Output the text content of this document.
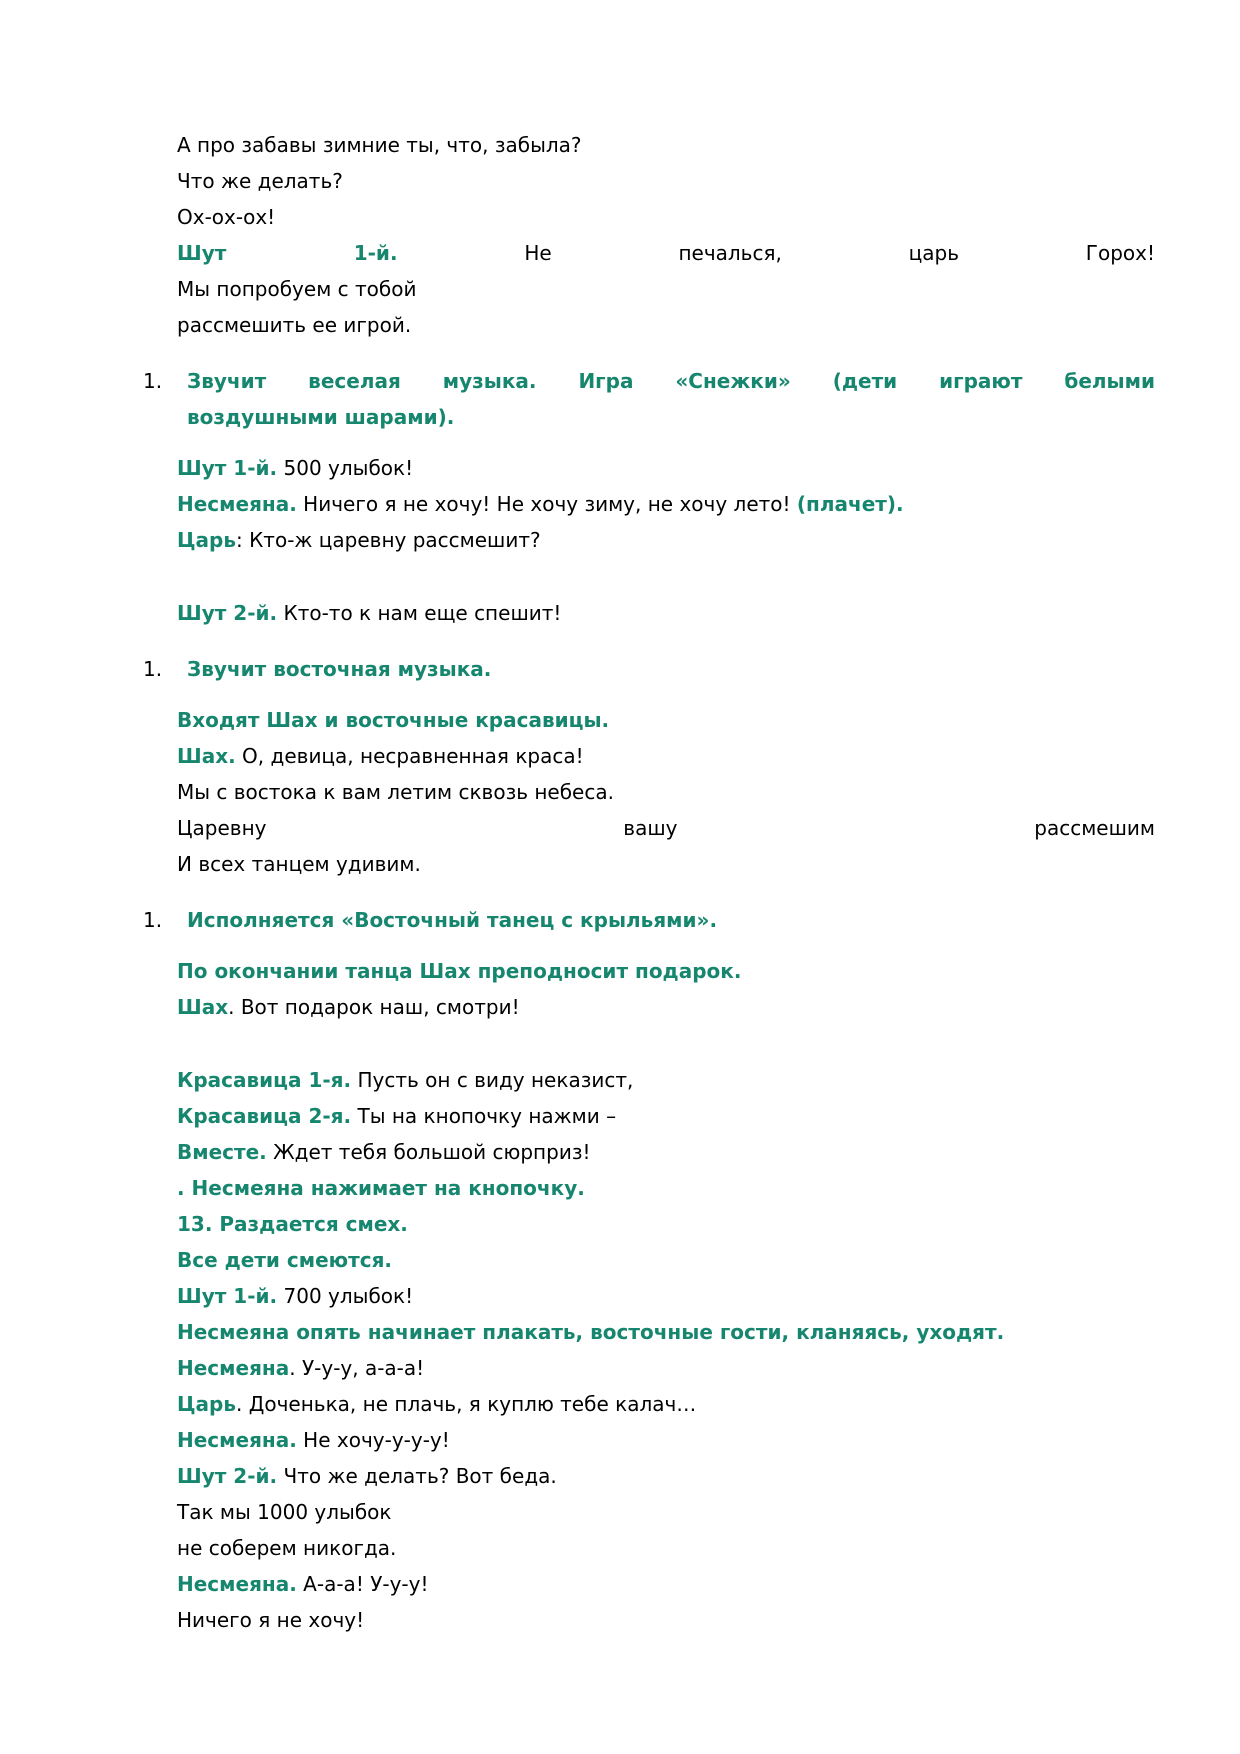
А про забавы зимние ты, что, забыла?
Что же делать?
Ох-ох-ох!
Шут 1-й. Не печалься, царь Горох!
Мы попробуем с тобой
рассмешить ее игрой.
1.	Звучит веселая музыка. Игра «Снежки» (дети играют белыми
воздушными шарами).
Шут 1-й. 500 улыбок!
Несмеяна. Ничего я не хочу! Не хочу зиму, не хочу лето! (плачет).
Царь: Кто-ж царевну рассмешит?
Шут 2-й. Кто-то к нам еще спешит!
1.	Звучит восточная музыка.
Входят Шах и восточные красавицы.
Шах. О, девица, несравненная краса!
Мы с востока к вам летим сквозь небеса.
Царевну вашу рассмешим
И всех танцем удивим.
1.	Исполняется «Восточный танец с крыльями».
По окончании танца Шах преподносит подарок.
Шах. Вот подарок наш, смотри!
Красавица 1-я. Пусть он с виду неказист,
Красавица 2-я. Ты на кнопочку нажми –
Вместе. Ждет тебя большой сюрприз!
. Несмеяна нажимает на кнопочку.
13. Раздается смех.
Все дети смеются.
Шут 1-й. 700 улыбок!
Несмеяна опять начинает плакать, восточные гости, кланяясь, уходят.
Несмеяна. У-у-у, а-а-а!
Царь. Доченька, не плачь, я куплю тебе калач…
Несмеяна. Не хочу-у-у-у!
Шут 2-й. Что же делать? Вот беда.
Так мы 1000 улыбок
не соберем никогда.
Несмеяна. А-а-а! У-у-у!
Ничего я не хочу!
